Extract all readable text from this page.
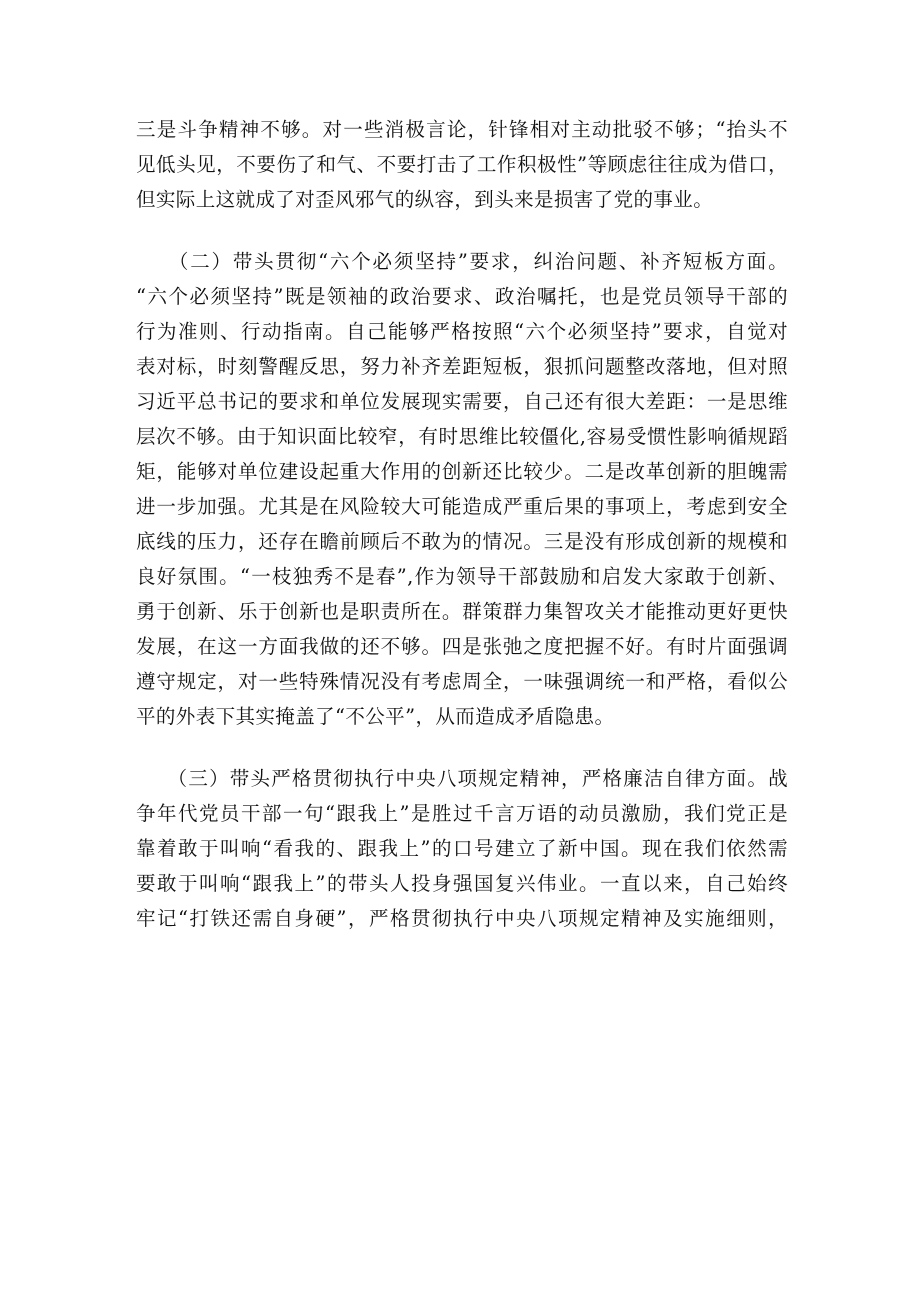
三是斗争精神不够。对一些消极言论，针锋相对主动批驳不够；“抬头不
见低头见，不要伤了和气、不要打击了工作积极性”等顾虑往往成为借口，
但实际上这就成了对歪风邪气的纵容，到头来是损害了党的事业。
　　（二）带头贯彻“六个必须坚持”要求，纠治问题、补齐短板方面。
“六个必须坚持”既是领袖的政治要求、政治嘱托，也是党员领导干部的
行为准则、行动指南。自己能够严格按照“六个必须坚持”要求，自觉对
表对标，时刻警醒反思，努力补齐差距短板，狠抓问题整改落地，但对照
习近平总书记的要求和单位发展现实需要，自己还有很大差距：一是思维
层次不够。由于知识面比较窄，有时思维比较僵化,容易受惯性影响循规蹈
矩，能够对单位建设起重大作用的创新还比较少。二是改革创新的胆魄需
进一步加强。尤其是在风险较大可能造成严重后果的事项上，考虑到安全
底线的压力，还存在瞻前顾后不敢为的情况。三是没有形成创新的规模和
良好氛围。“一枝独秀不是春”,作为领导干部鼓励和启发大家敢于创新、
勇于创新、乐于创新也是职责所在。群策群力集智攻关才能推动更好更快
发展，在这一方面我做的还不够。四是张弛之度把握不好。有时片面强调
遵守规定，对一些特殊情况没有考虑周全，一味强调统一和严格，看似公
平的外表下其实掩盖了“不公平”，从而造成矛盾隐患。
　　（三）带头严格贯彻执行中央八项规定精神，严格廉洁自律方面。战
争年代党员干部一句“跟我上”是胜过千言万语的动员激励，我们党正是
靠着敢于叫响“看我的、跟我上”的口号建立了新中国。现在我们依然需
要敢于叫响“跟我上”的带头人投身强国复兴伟业。一直以来，自己始终
牢记“打铁还需自身硬”，严格贯彻执行中央八项规定精神及实施细则，
